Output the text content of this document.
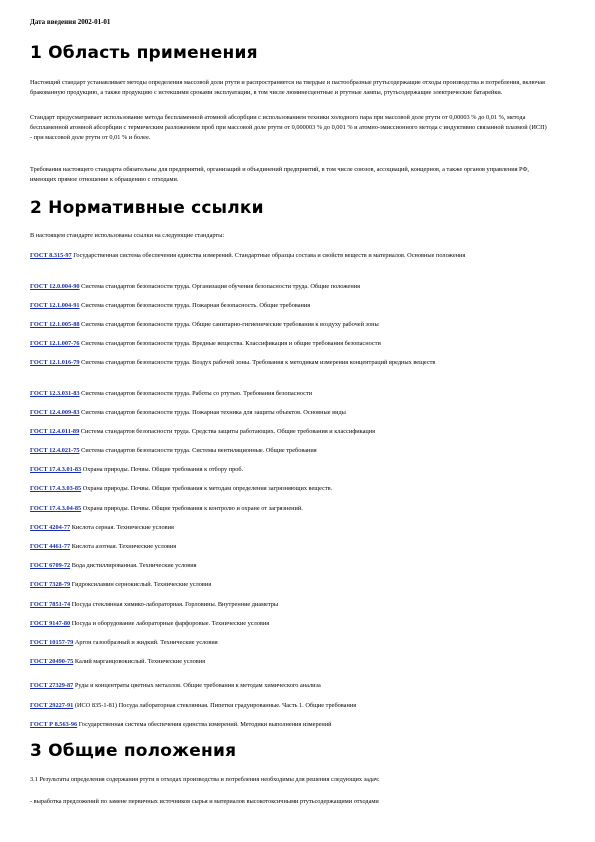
Дата введения 2002-01-01
1 Область применения
Настоящий стандарт устанавливает методы определения массовой доли ртути и распространяется на твердые и пастообразные ртутьсодержащие отходы производства и потребления, включая бракованную продукцию, а также продукцию с истекшими сроками эксплуатации, в том числе люминесцентные и ртутные лампы, ртутьсодержащие электрические батарейки.
Стандарт предусматривает использование метода беспламенной атомной абсорбции с использованием техники холодного пара при массовой доле ртути от 0,00003 % до 0,01 %, метода беспламенной атомной абсорбции с термическим разложением проб при массовой доле ртути от 0,000003 % до 0,001 % и атомно-эмиссионного метода с индуктивно связанной плазмой (ИСП) - при массовой доле ртути от 0,01 % и более.
Требования настоящего стандарта обязательны для предприятий, организаций и объединений предприятий, в том числе союзов, ассоциаций, концернов, а также органов управления РФ, имеющих прямое отношение к обращению с отходами.
2 Нормативные ссылки
В настоящем стандарте использованы ссылки на следующие стандарты:
ГОСТ 8.315-97 Государственная система обеспечения единства измерений. Стандартные образцы состава и свойств веществ и материалов. Основные положения
ГОСТ 12.0.004-90 Система стандартов безопасности труда. Организация обучения безопасности труда. Общие положения
ГОСТ 12.1.004-91 Система стандартов безопасности труда. Пожарная безопасность. Общие требования
ГОСТ 12.1.005-88 Система стандартов безопасности труда. Общие санитарно-гигиенические требования к воздуху рабочей зоны
ГОСТ 12.1.007-76 Система стандартов безопасности труда. Вредные вещества. Классификация и общие требования безопасности
ГОСТ 12.1.016-79 Система стандартов безопасности труда. Воздух рабочей зоны. Требования к методикам измерения концентраций вредных веществ
ГОСТ 12.3.031-83 Система стандартов безопасности труда. Работы со ртутью. Требования безопасности
ГОСТ 12.4.009-83 Система стандартов безопасности труда. Пожарная техника для защиты объектов. Основные виды
ГОСТ 12.4.011-89 Система стандартов безопасности труда. Средства защиты работающих. Общие требования и классификация
ГОСТ 12.4.021-75 Система стандартов безопасности труда. Системы вентиляционные. Общие требования
ГОСТ 17.4.3.01-83 Охрана природы. Почвы. Общие требования к отбору проб.
ГОСТ 17.4.3.03-85 Охрана природы. Почвы. Общие требования к методам определения загрязняющих веществ.
ГОСТ 17.4.3.04-85 Охрана природы. Почвы. Общие требования к контролю и охране от загрязнений.
ГОСТ 4204-77 Кислота серная. Технические условия
ГОСТ 4461-77 Кислота азотная. Технические условия
ГОСТ 6709-72 Вода дистиллированная. Технические условия
ГОСТ 7328-79 Гидроксиламин сернокислый. Технические условия
ГОСТ 7851-74 Посуда стеклянная химико-лабораторная. Горловины. Внутренние диаметры
ГОСТ 9147-80 Посуда и оборудование лабораторные фарфоровые. Технические условия
ГОСТ 10157-79 Аргон газообразный и жидкий. Технические условия
ГОСТ 20490-75 Калий марганцовокислый. Технические условия
ГОСТ 27329-87 Руды и концентраты цветных металлов. Общие требования к методам химического анализа
ГОСТ 29227-91 (ИСО 835-1-81) Посуда лабораторная стеклянная. Пипетки градуированные. Часть 1. Общие требования
ГОСТ Р 8.563-96 Государственная система обеспечения единства измерений. Методики выполнения измерений
3 Общие положения
3.1 Результаты определения содержания ртути в отходах производства и потребления необходимы для решения следующих задач:
- выработка предложений по замене первичных источников сырья и материалов высокотоксичными ртутьсодержащими отходами
